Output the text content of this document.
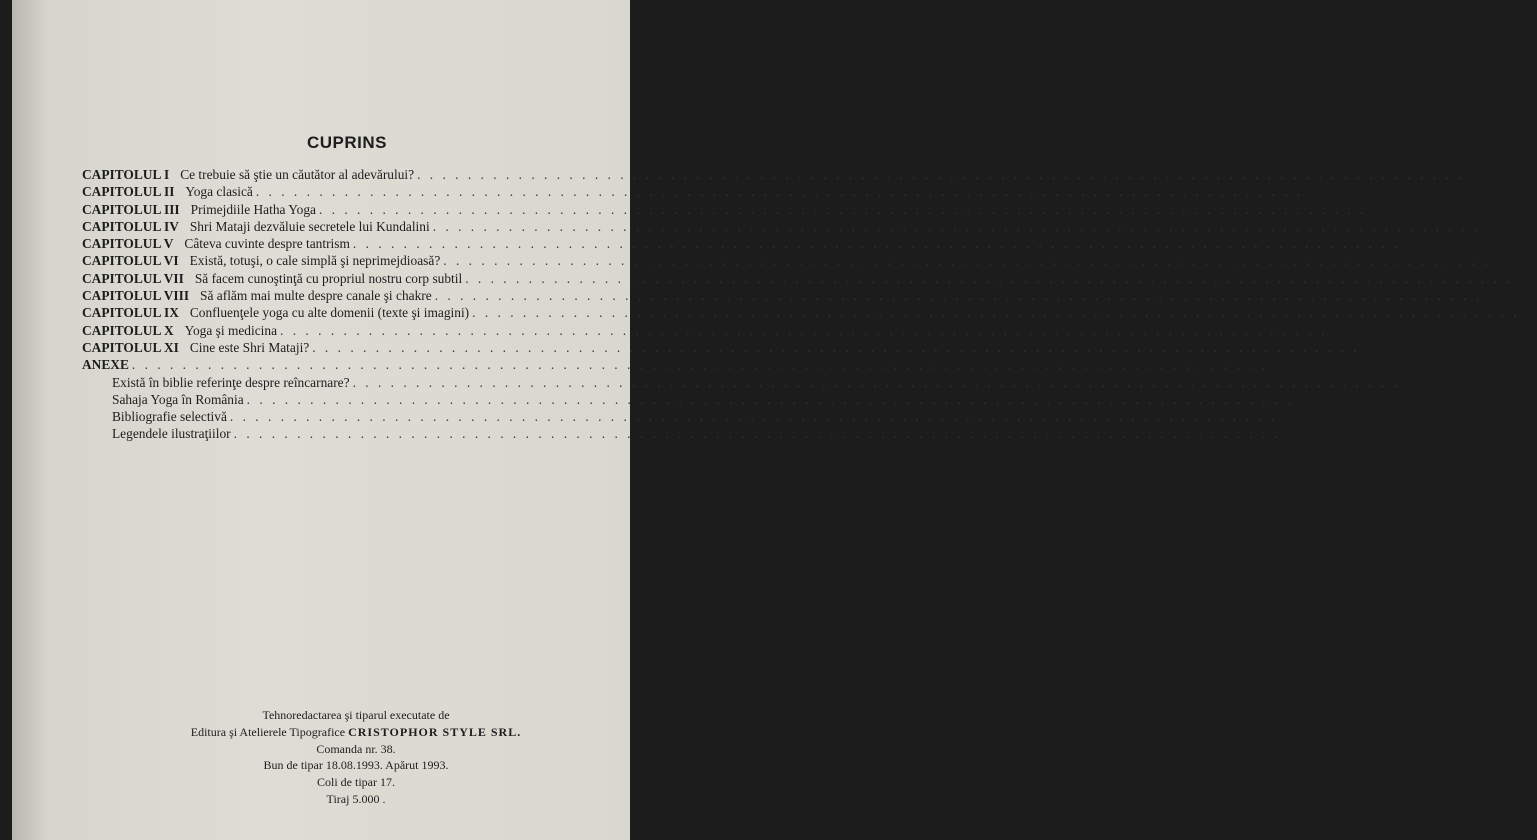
CUPRINS
CAPITOLUL I Ce trebuie să ştie un căutător al adevărului? . . . . . . . . . . . . . . . . . . . . . . . . . . . . . . . . . . . . . . . . . . . . . . . . . . . . . . . . . . . . . . . . . . . . . . . . . . . . . . . . . . . 7
CAPITOLUL II Yoga clasică . . . . . . . . . . . . . . . . . . . . . . . . . . . . . . . . . . . . . . . . . . . . . . . . . . . . . . . . . . . . . . . . . . . . . . . . . . . . . . . . . . . 11
CAPITOLUL III Primejdiile Hatha Yoga . . . . . . . . . . . . . . . . . . . . . . . . . . . . . . . . . . . . . . . . . . . . . . . . . . . . . . . . . . . . . . . . . . . . . . . . . . . . . . . . . . . 15
CAPITOLUL IV Shri Mataji dezvăluie secretele lui Kundalini . . . . . . . . . . . . . . . . . . . . . . . . . . . . . . . . . . . . . . . . . . . . . . . . . . . . . . . . . . . . . . . . . . . . . . . . . . . . . . . . . . . 19
CAPITOLUL V Câteva cuvinte despre tantrism . . . . . . . . . . . . . . . . . . . . . . . . . . . . . . . . . . . . . . . . . . . . . . . . . . . . . . . . . . . . . . . . . . . . . . . . . . . . . . . . . . . 21
CAPITOLUL VI Există, totuşi, o cale simplă şi neprimejdioasă? . . . . . . . . . . . . . . . . . . . . . . . . . . . . . . . . . . . . . . . . . . . . . . . . . . . . . . . . . . . . . . . . . . . . . . . . . . . . . . . . . . . 25
CAPITOLUL VII Să facem cunoştinţă cu propriul nostru corp subtil . . . . . . . . . . . . . . . . . . . . . . . . . . . . . . . . . . . . . . . . . . . . . . . . . . . . . . . . . . . . . . . . . . . . . . . . . . . . . . . . . . . 31
CAPITOLUL VIII Să aflăm mai multe despre canale şi chakre . . . . . . . . . . . . . . . . . . . . . . . . . . . . . . . . . . . . . . . . . . . . . . . . . . . . . . . . . . . . . . . . . . . . . . . . . . . . . . . . . . . 35
CAPITOLUL IX Confluenţele yoga cu alte domenii (texte şi imagini) . . . . . . . . . . . . . . . . . . . . . . . . . . . . . . . . . . . . . . . . . . . . . . . . . . . . . . . . . . . . . . . . . . . . . . . . . . . . . . . . . . . 49
CAPITOLUL X Yoga şi medicina . . . . . . . . . . . . . . . . . . . . . . . . . . . . . . . . . . . . . . . . . . . . . . . . . . . . . . . . . . . . . . . . . . . . . . . . . . . . . . . . . . . 73
CAPITOLUL XI Cine este Shri Mataji? . . . . . . . . . . . . . . . . . . . . . . . . . . . . . . . . . . . . . . . . . . . . . . . . . . . . . . . . . . . . . . . . . . . . . . . . . . . . . . . . . . . 79
ANEXE . . . . . . . . . . . . . . . . . . . . . . . . . . . . . . . . . . . . . . . . . . . . . . . . . . . . . . . . . . . . . . . . . . . . . . . . . . . . . . . . . . . . . . . . . . 83
Există în biblie referinţe despre reîncarnare? . . . . . . . . . . . . . . . . . . . . . . . . . . . . . . . . . . . . . . . . . . . . . . . . . . . . . . . . . . . . . . . . . . . . . . . . . . . . . . . . . . . 85
Sahaja Yoga în România . . . . . . . . . . . . . . . . . . . . . . . . . . . . . . . . . . . . . . . . . . . . . . . . . . . . . . . . . . . . . . . . . . . . . . . . . . . . . . . . . . . 87
Bibliografie selectivă . . . . . . . . . . . . . . . . . . . . . . . . . . . . . . . . . . . . . . . . . . . . . . . . . . . . . . . . . . . . . . . . . . . . . . . . . . . . . . . . . . . 90
Legendele ilustraţiilor . . . . . . . . . . . . . . . . . . . . . . . . . . . . . . . . . . . . . . . . . . . . . . . . . . . . . . . . . . . . . . . . . . . . . . . . . . . . . . . . . . . 91
Tehnoredactarea şi tiparul executate de
Editura şi Atelierele Tipografice CRISTOPHOR STYLE SRL.
Comanda nr. 38.
Bun de tipar 18.08.1993. Apărut 1993.
Coli de tipar 17.
Tiraj 5.000 .
